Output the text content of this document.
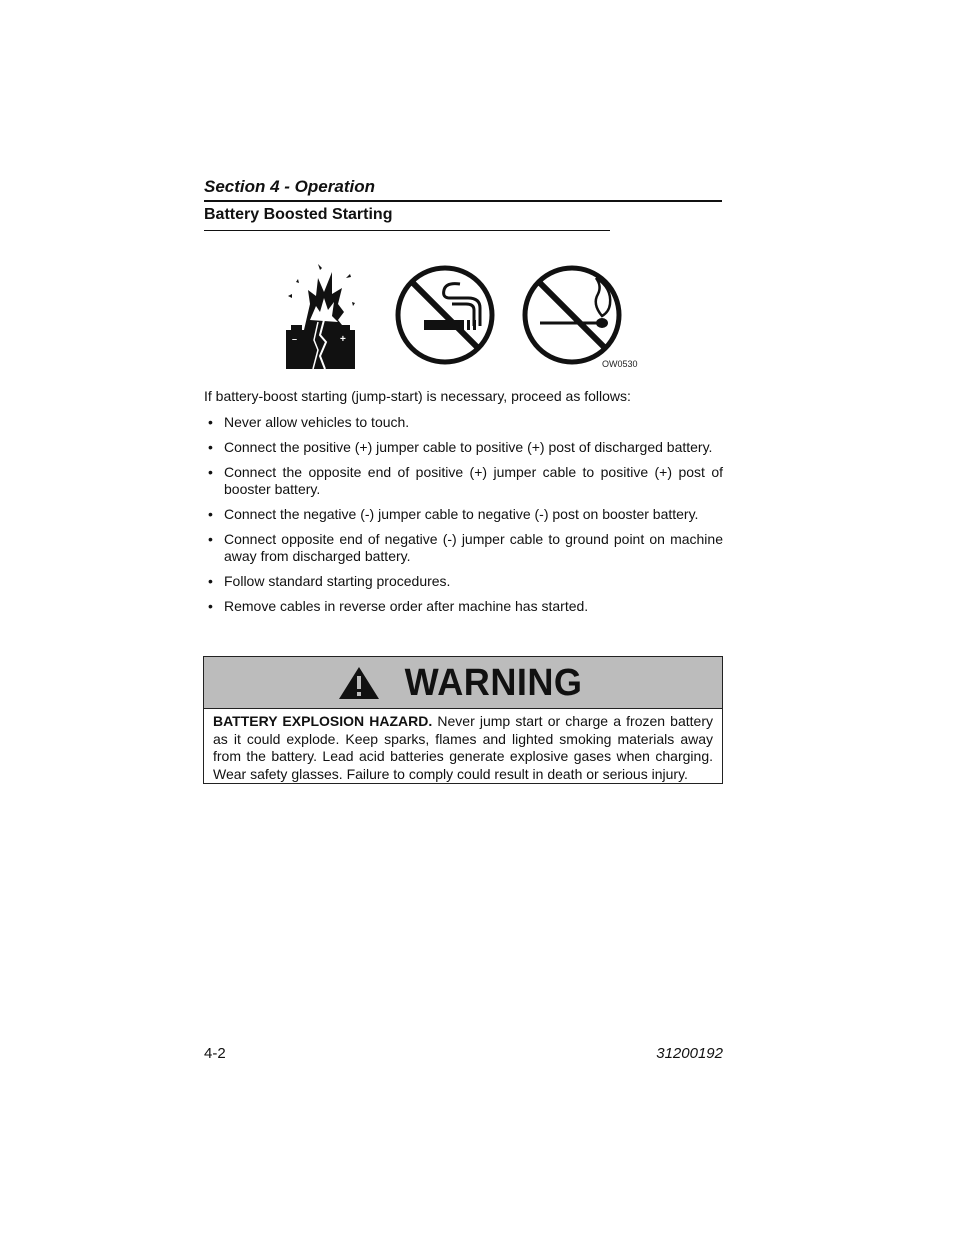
Section 4 - Operation
Battery Boosted Starting
–	+
OW0530

If battery-boost starting (jump-start) is necessary, proceed as follows:

• Never allow vehicles to touch.
• Connect the positive (+) jumper cable to positive (+) post of discharged battery.
• Connect the opposite end of positive (+) jumper cable to positive (+) post of booster battery.
• Connect the negative (-) jumper cable to negative (-) post on booster battery.
• Connect opposite end of negative (-) jumper cable to ground point on machine away from discharged battery.
• Follow standard starting procedures.
• Remove cables in reverse order after machine has started.
WARNING
BATTERY EXPLOSION HAZARD. Never jump start or charge a frozen battery as it could explode. Keep sparks, flames and lighted smoking materials away from the battery. Lead acid batteries generate explosive gases when charging. Wear safety glasses. Failure to comply could result in death or serious injury.
4-2	31200192
